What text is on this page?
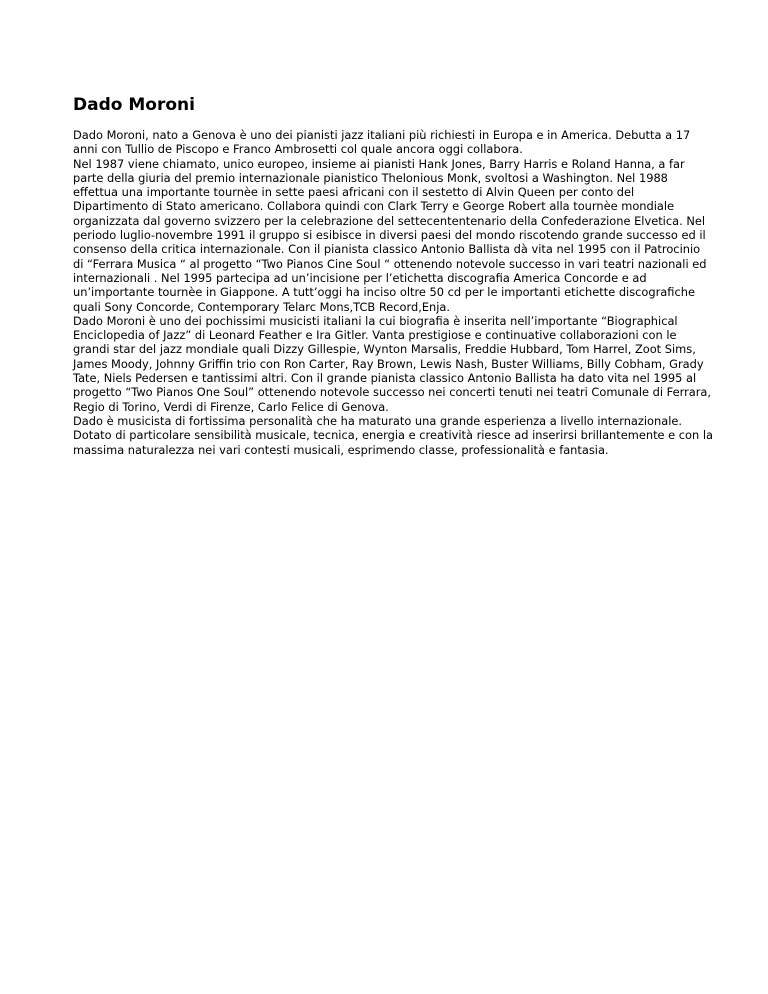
Dado Moroni

Dado Moroni, nato a Genova è uno dei pianisti jazz italiani più richiesti in Europa e in America. Debutta a 17 anni con Tullio de Piscopo e Franco Ambrosetti col quale ancora oggi collabora.

Nel 1987 viene chiamato, unico europeo, insieme ai pianisti Hank Jones, Barry Harris e Roland Hanna, a far parte della giuria del premio internazionale pianistico Thelonious Monk, svoltosi a Washington. Nel 1988 effettua una importante tournèe in sette paesi africani con il sestetto di Alvin Queen per conto del Dipartimento di Stato americano. Collabora quindi con Clark Terry e George Robert alla tournèe mondiale organizzata dal governo svizzero per la celebrazione del settecententenario della Confederazione Elvetica. Nel periodo luglio-novembre 1991 il gruppo si esibisce in diversi paesi del mondo riscotendo grande successo ed il consenso della critica internazionale. Con il pianista classico Antonio Ballista dà vita nel 1995 con il Patrocinio di “Ferrara Musica “ al progetto “Two Pianos Cine Soul “ ottenendo notevole successo in vari teatri nazionali ed internazionali . Nel 1995 partecipa ad un’incisione per l’etichetta discografia America Concorde e ad un’importante tournèe in Giappone. A tutt’oggi ha inciso oltre 50 cd per le importanti etichette discografiche quali Sony Concorde, Contemporary Telarc Mons,TCB Record,Enja.

Dado Moroni è uno dei pochissimi musicisti italiani la cui biografia è inserita nell’importante “Biographical Enciclopedia of Jazz” di Leonard Feather e Ira Gitler. Vanta prestigiose e continuative collaborazioni con le grandi star del jazz mondiale quali Dizzy Gillespie, Wynton Marsalis, Freddie Hubbard, Tom Harrel, Zoot Sims, James Moody, Johnny Griffin trio con Ron Carter, Ray Brown, Lewis Nash, Buster Williams, Billy Cobham, Grady Tate, Niels Pedersen e tantissimi altri. Con il grande pianista classico Antonio Ballista ha dato vita nel 1995 al progetto “Two Pianos One Soul” ottenendo notevole successo nei concerti tenuti nei teatri Comunale di Ferrara, Regio di Torino, Verdi di Firenze, Carlo Felice di Genova.

Dado è musicista di fortissima personalità che ha maturato una grande esperienza a livello internazionale. Dotato di particolare sensibilità musicale, tecnica, energia e creatività riesce ad inserirsi brillantemente e con la massima naturalezza nei vari contesti musicali, esprimendo classe, professionalità e fantasia.
